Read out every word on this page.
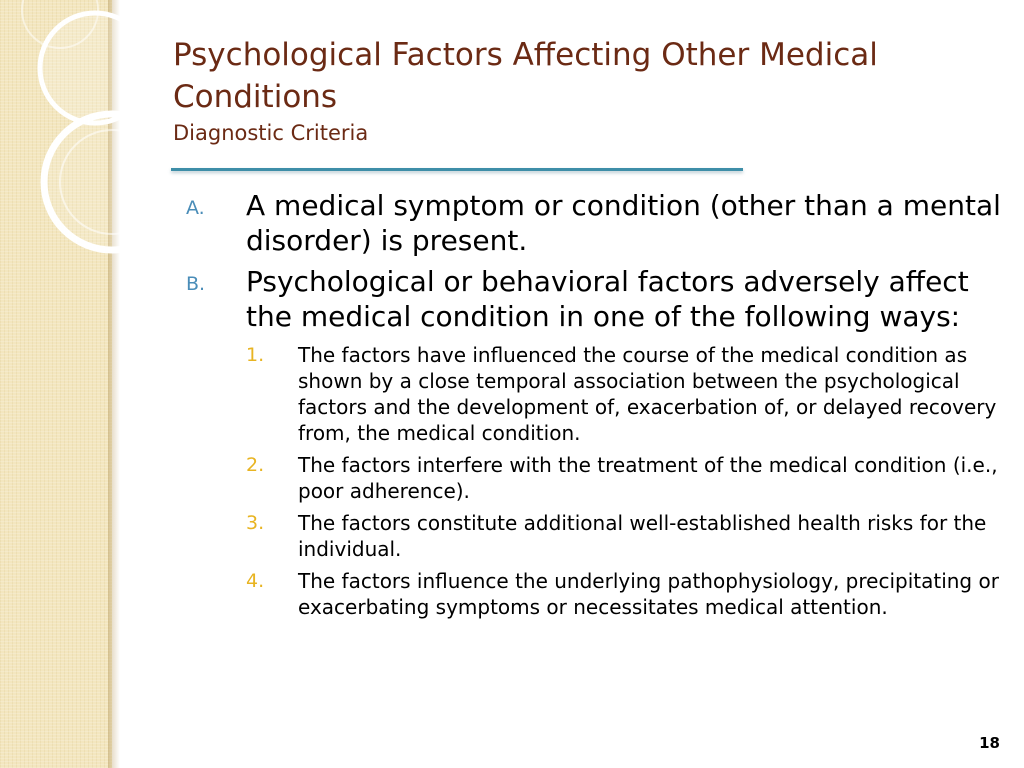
Psychological Factors Affecting Other Medical Conditions
Diagnostic Criteria
A. A medical symptom or condition (other than a mental disorder) is present.
B. Psychological or behavioral factors adversely affect the medical condition in one of the following ways:
1. The factors have influenced the course of the medical condition as shown by a close temporal association between the psychological factors and the development of, exacerbation of, or delayed recovery from, the medical condition.
2. The factors interfere with the treatment of the medical condition (i.e., poor adherence).
3. The factors constitute additional well-established health risks for the individual.
4. The factors influence the underlying pathophysiology, precipitating or exacerbating symptoms or necessitates medical attention.
18
